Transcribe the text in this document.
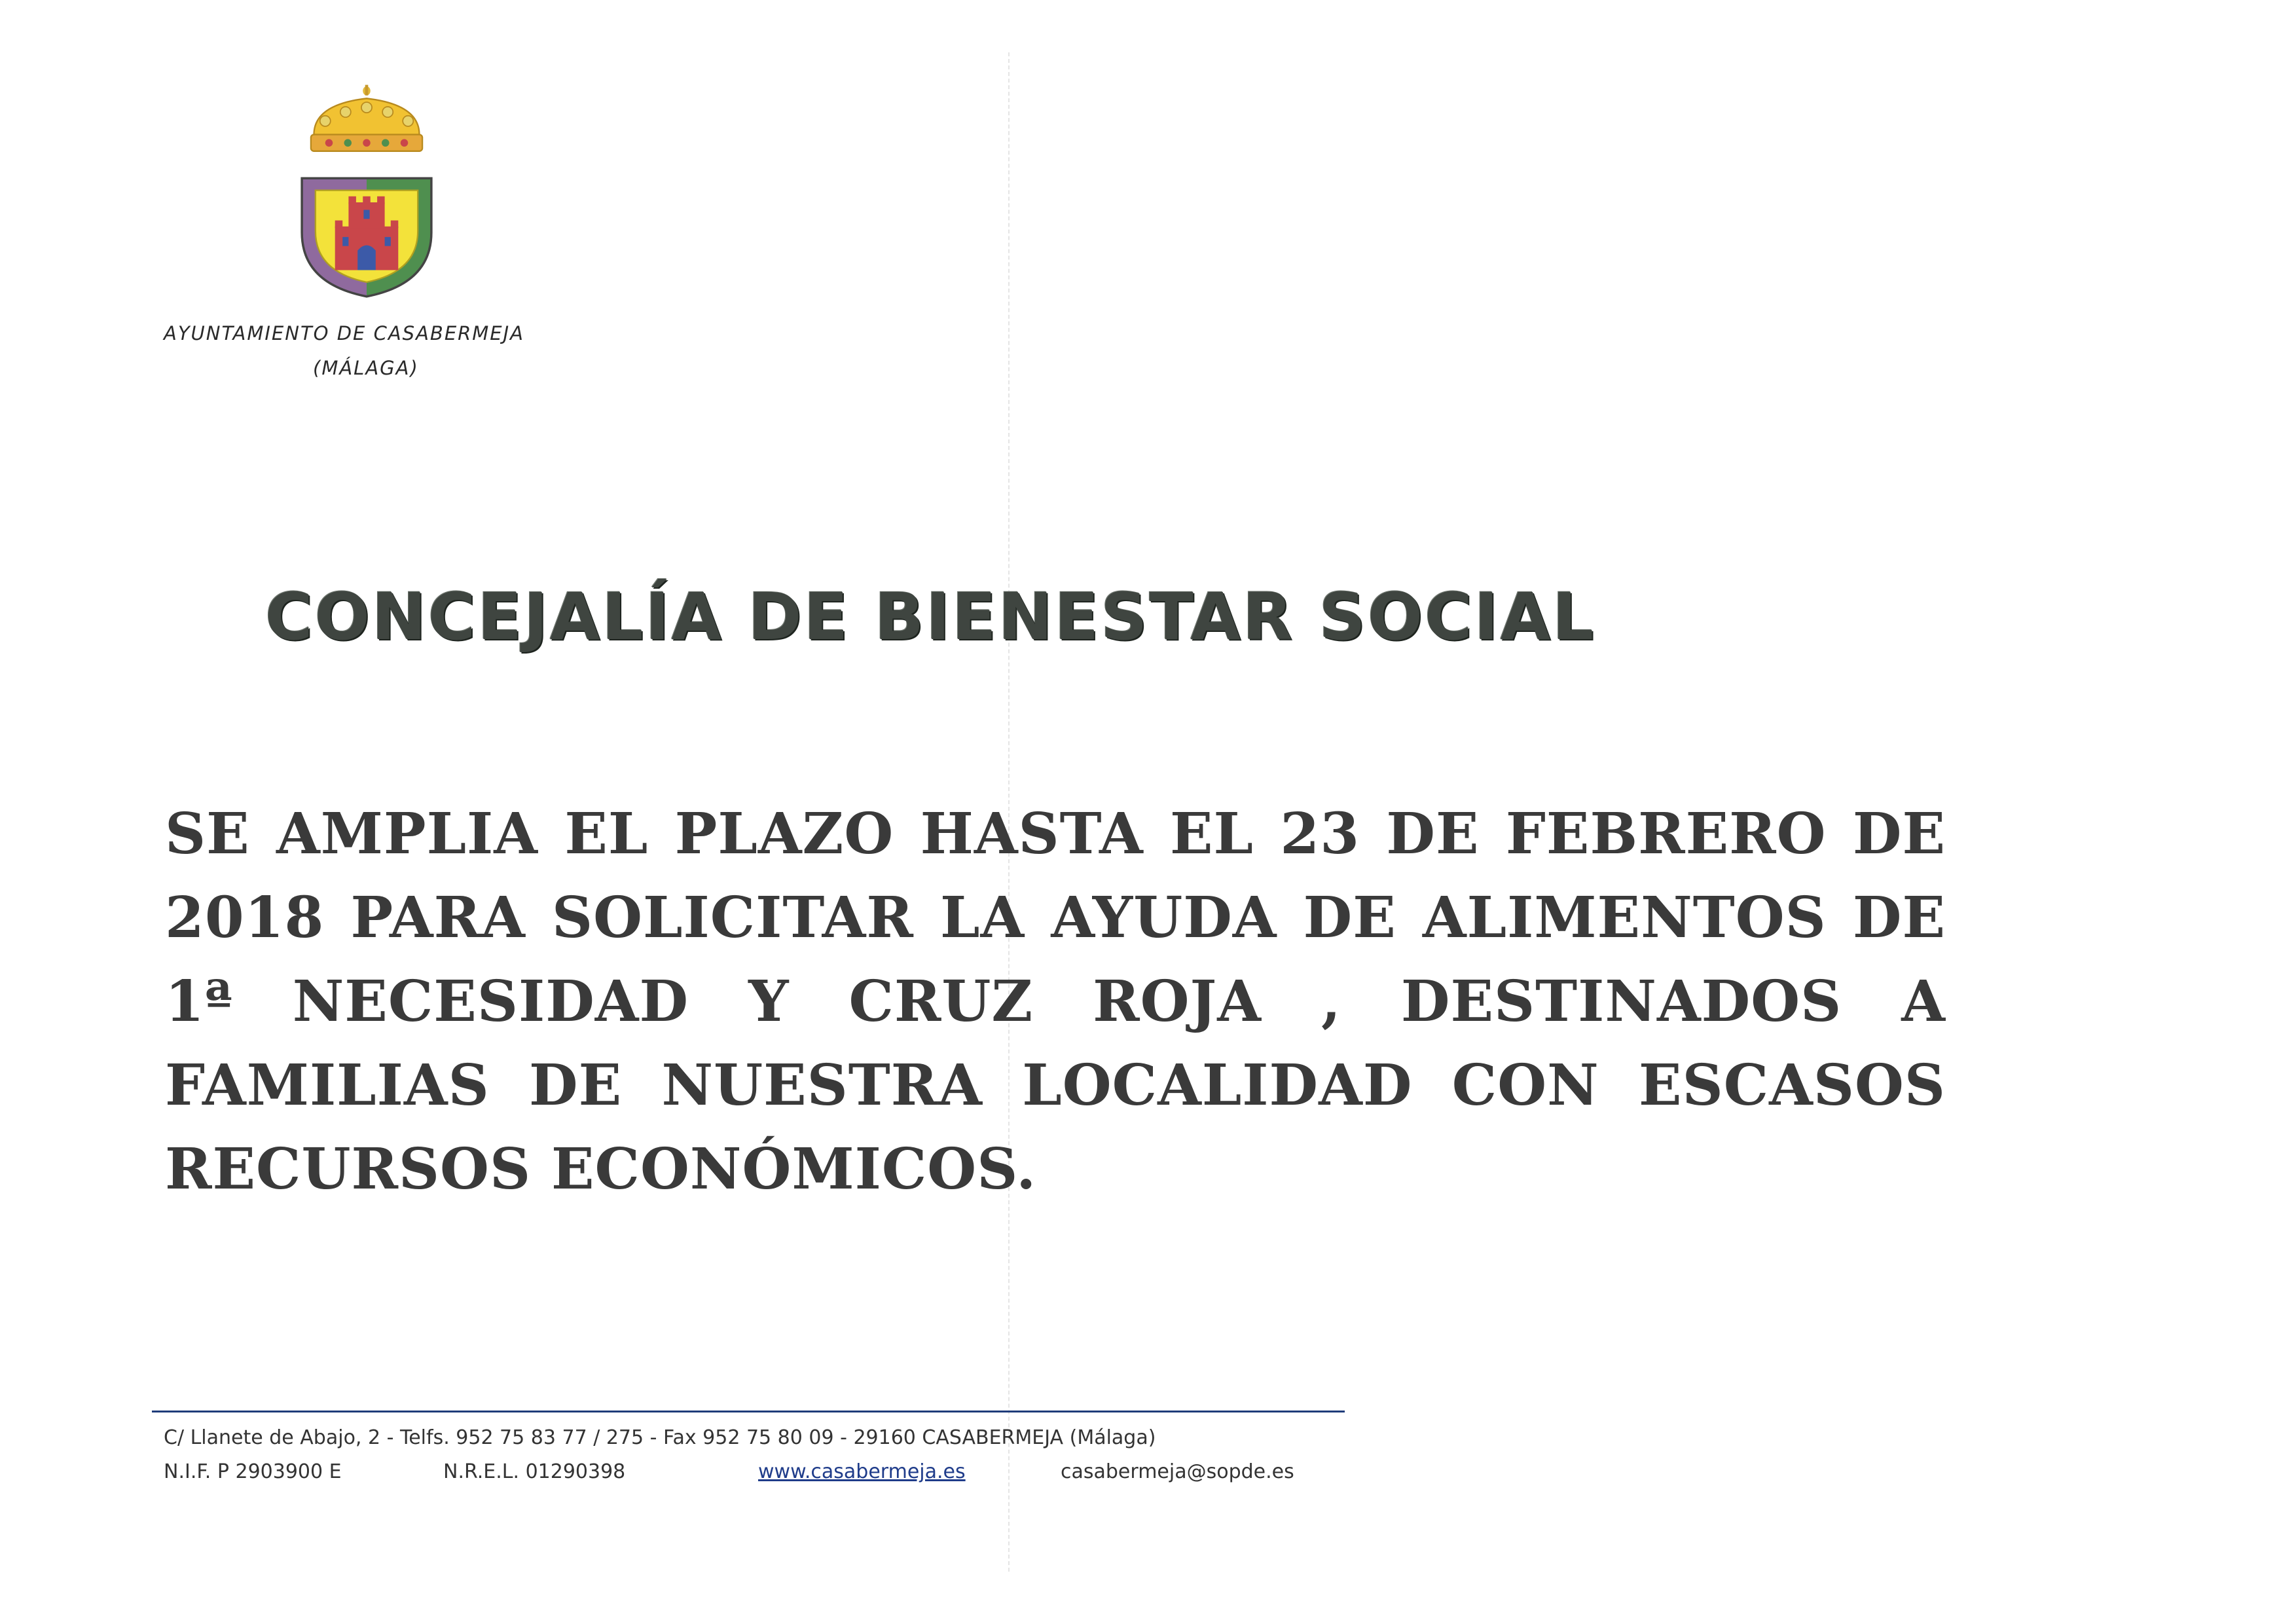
AYUNTAMIENTO DE CASABERMEJA
(MÁLAGA)
CONCEJALÍA DE BIENESTAR SOCIAL
SE AMPLIA EL PLAZO HASTA EL 23 DE FEBRERO DE 2018 PARA SOLICITAR LA AYUDA DE ALIMENTOS DE 1ª NECESIDAD Y CRUZ ROJA , DESTINADOS A FAMILIAS DE NUESTRA LOCALIDAD CON ESCASOS RECURSOS ECONÓMICOS.
C/ Llanete de Abajo, 2 - Telfs. 952 75 83 77 / 275 - Fax 952 75 80 09 - 29160 CASABERMEJA (Málaga)
N.I.F. P 2903900 E	N.R.E.L. 01290398	www.casabermeja.es	casabermeja@sopde.es
